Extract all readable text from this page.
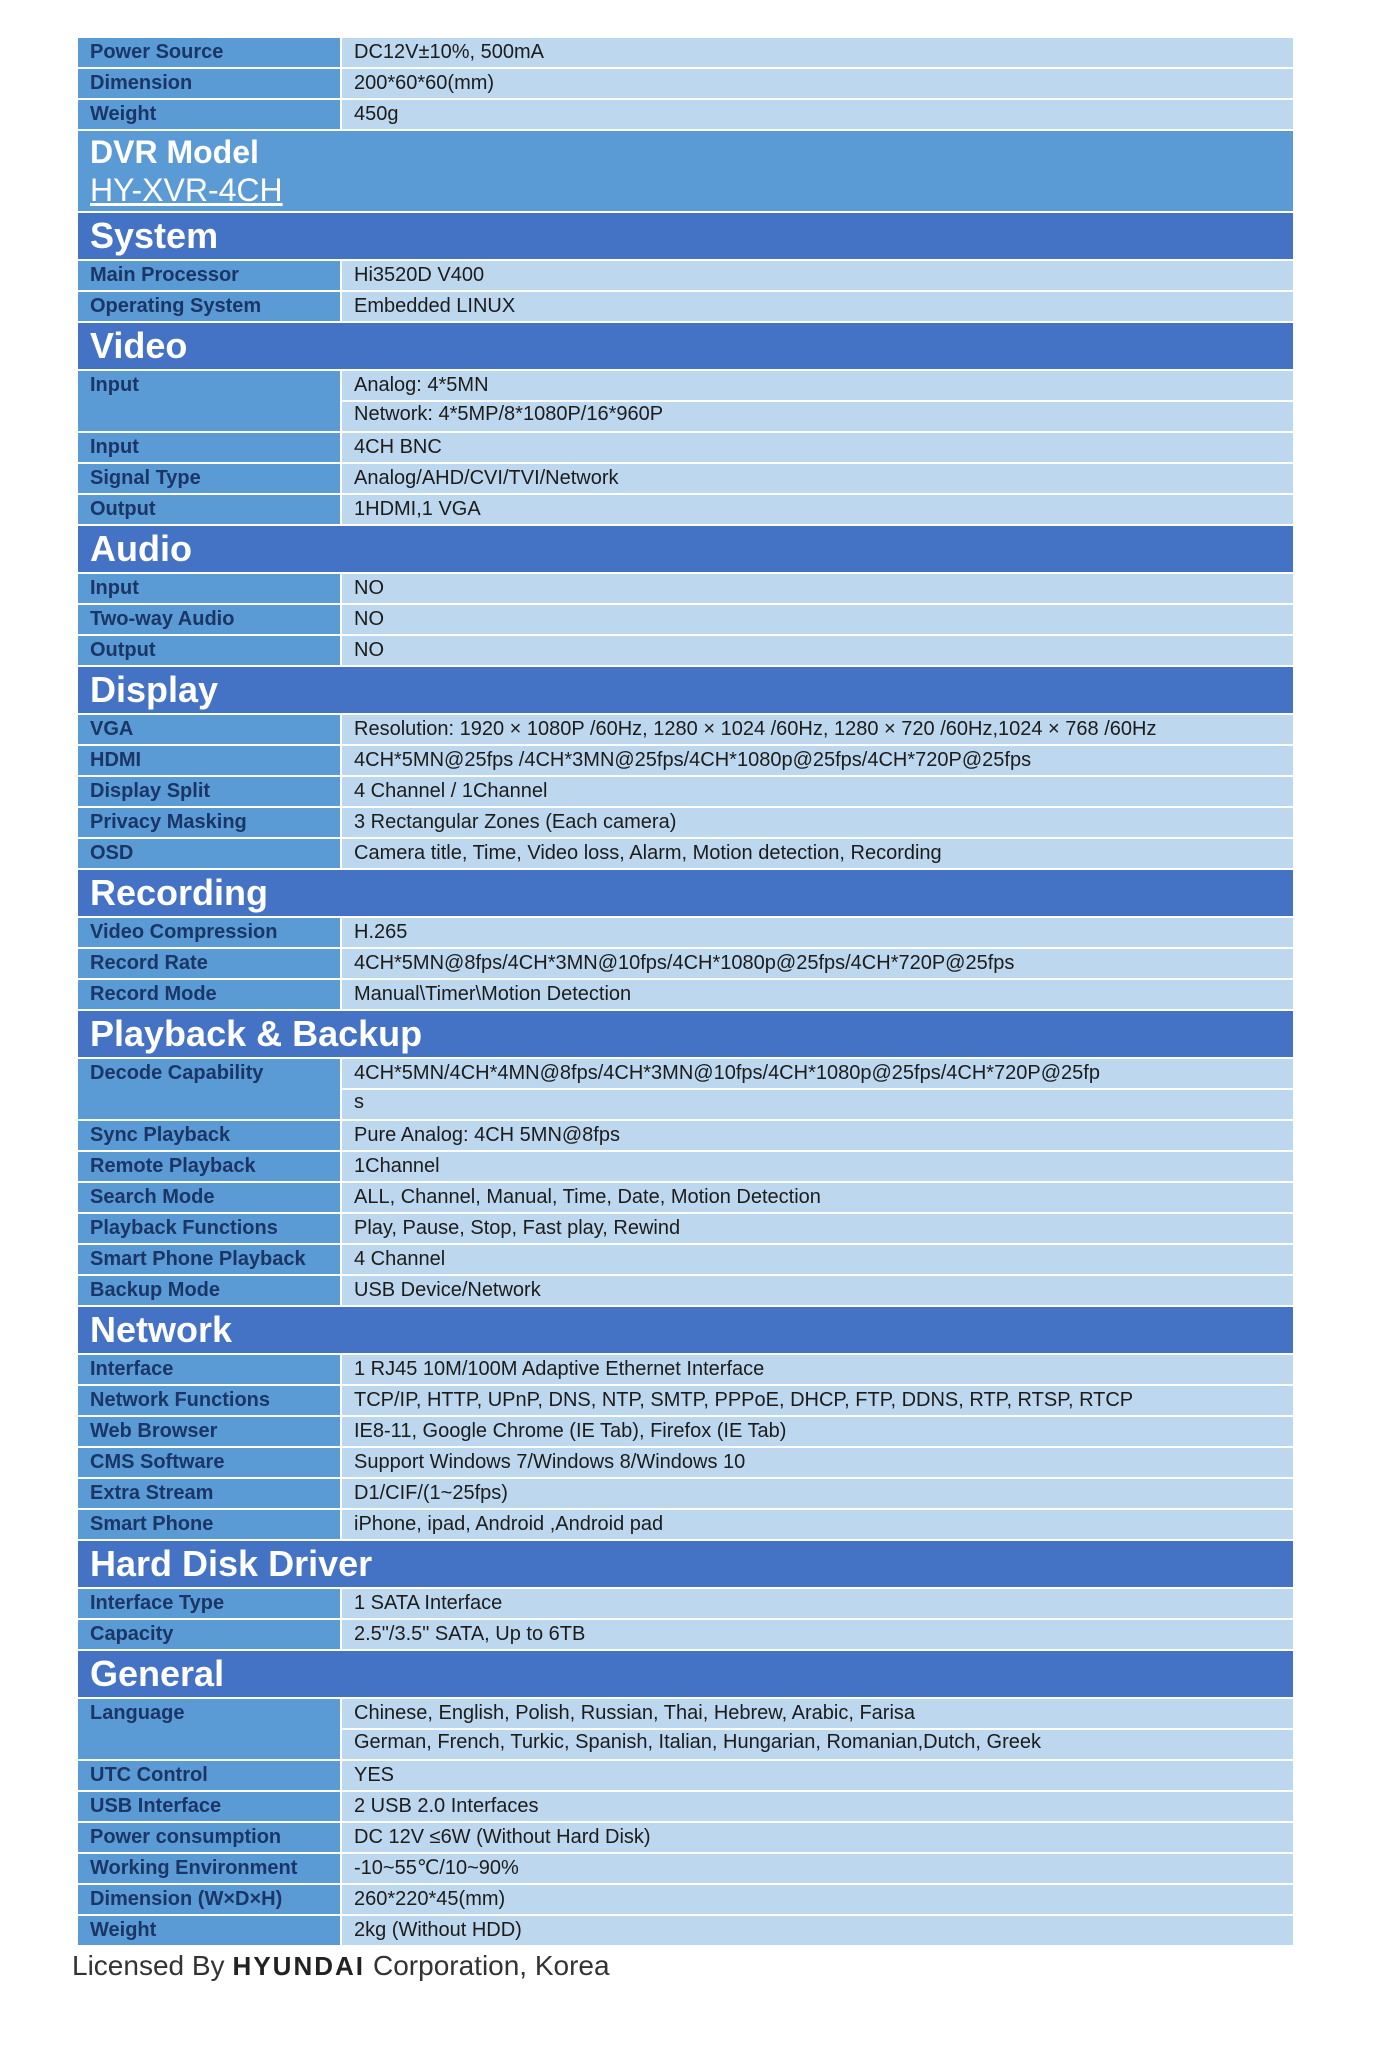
Power Source	DC12V±10%, 500mA
Dimension	200*60*60(mm)
Weight	450g
DVR Model
HY-XVR-4CH
System
Main Processor	Hi3520D V400
Operating System	Embedded LINUX
Video
Input	Analog: 4*5MN
Network: 4*5MP/8*1080P/16*960P
Input	4CH BNC
Signal Type	Analog/AHD/CVI/TVI/Network
Output	1HDMI,1 VGA
Audio
Input	NO
Two-way Audio	NO
Output	NO
Display
VGA	Resolution: 1920 × 1080P /60Hz, 1280 × 1024 /60Hz, 1280 × 720 /60Hz,1024 × 768 /60Hz
HDMI	4CH*5MN@25fps /4CH*3MN@25fps/4CH*1080p@25fps/4CH*720P@25fps
Display Split	4 Channel / 1Channel
Privacy Masking	3 Rectangular Zones (Each camera)
OSD	Camera title, Time, Video loss, Alarm, Motion detection, Recording
Recording
Video Compression	H.265
Record Rate	4CH*5MN@8fps/4CH*3MN@10fps/4CH*1080p@25fps/4CH*720P@25fps
Record Mode	Manual\Timer\Motion Detection
Playback & Backup
Decode Capability	4CH*5MN/4CH*4MN@8fps/4CH*3MN@10fps/4CH*1080p@25fps/4CH*720P@25fp
s
Sync Playback	Pure Analog: 4CH 5MN@8fps
Remote Playback	1Channel
Search Mode	ALL, Channel, Manual, Time, Date, Motion Detection
Playback Functions	Play, Pause, Stop, Fast play, Rewind
Smart Phone Playback	4 Channel
Backup Mode	USB Device/Network
Network
Interface	1 RJ45 10M/100M Adaptive Ethernet Interface
Network Functions	TCP/IP, HTTP, UPnP, DNS, NTP, SMTP, PPPoE, DHCP, FTP, DDNS, RTP, RTSP, RTCP
Web Browser	IE8-11, Google Chrome (IE Tab), Firefox (IE Tab)
CMS Software	Support Windows 7/Windows 8/Windows 10
Extra Stream	D1/CIF/(1~25fps)
Smart Phone	iPhone, ipad, Android ,Android pad
Hard Disk Driver
Interface Type	1 SATA Interface
Capacity	2.5"/3.5" SATA, Up to 6TB
General
Language	Chinese, English, Polish, Russian, Thai, Hebrew, Arabic, Farisa
German, French, Turkic, Spanish, Italian, Hungarian, Romanian,Dutch, Greek
UTC Control	YES
USB Interface	2 USB 2.0 Interfaces
Power consumption	DC 12V ≤6W (Without Hard Disk)
Working Environment	-10~55℃/10~90%
Dimension (W×D×H)	260*220*45(mm)
Weight	2kg (Without HDD)
Licensed By HYUNDAI Corporation, Korea
